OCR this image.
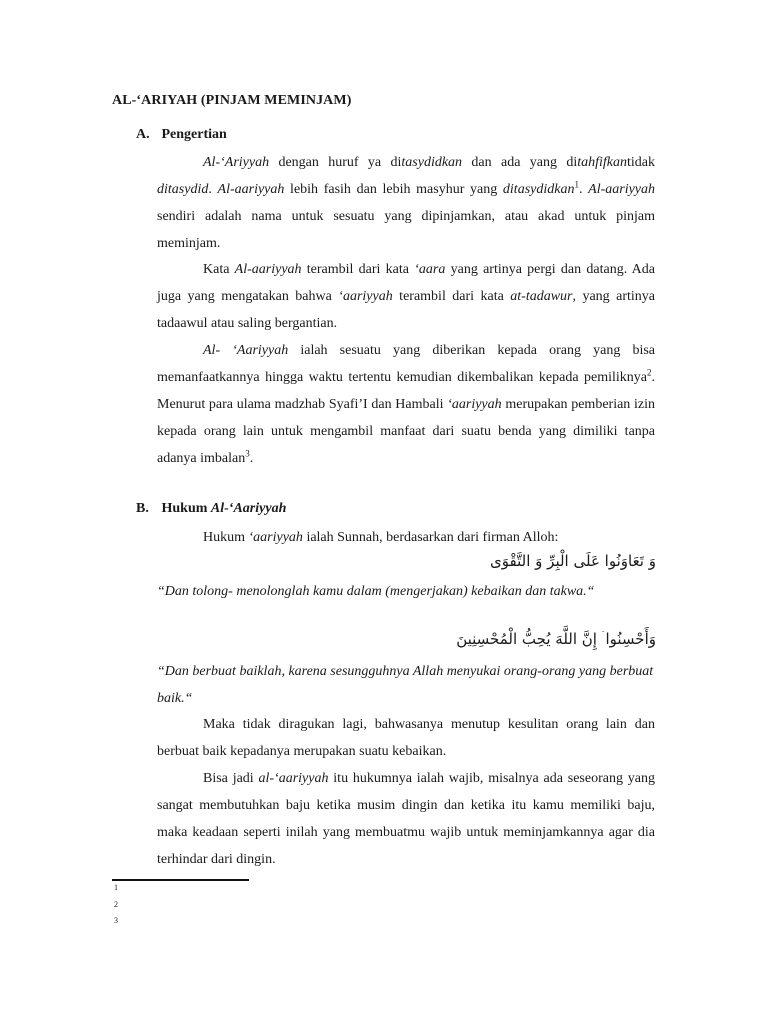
AL-‘ARIYAH (PINJAM MEMINJAM)
A. Pengertian

Al-‘Ariyyah dengan huruf ya ditasydidkan dan ada yang ditahfifkantidak ditasydid. Al-aariyyah lebih fasih dan lebih masyhur yang ditasydidkan$^1$. Al-aariyyah sendiri adalah nama untuk sesuatu yang dipinjamkan, atau akad untuk pinjam meminjam.

Kata Al-aariyyah terambil dari kata ‘aara yang artinya pergi dan datang. Ada juga yang mengatakan bahwa ‘aariyyah terambil dari kata at-tadawur, yang artinya tadaawul atau saling bergantian.

Al- ‘Aariyyah ialah sesuatu yang diberikan kepada orang yang bisa memanfaatkannya hingga waktu tertentu kemudian dikembalikan kepada pemiliknya$^2$. Menurut para ulama madzhab Syafi’I dan Hambali ‘aariyyah merupakan pemberian izin kepada orang lain untuk mengambil manfaat dari suatu benda yang dimiliki tanpa adanya imbalan$^3$.

B. Hukum Al-‘Aariyyah

Hukum ‘aariyyah ialah Sunnah, berdasarkan dari firman Alloh:

وَ تَعَاوَنُوا عَلَى الْبِرِّ وَ التَّقْوَى

“Dan tolong- menolonglah kamu dalam (mengerjakan) kebaikan dan takwa.“

وَأَحْسِنُوا ۛ إِنَّ اللَّهَ يُحِبُّ الْمُحْسِنِينَ

“Dan berbuat baiklah, karena sesungguhnya Allah menyukai orang-orang yang berbuat baik.“

Maka tidak diragukan lagi, bahwasanya menutup kesulitan orang lain dan berbuat baik kepadanya merupakan suatu kebaikan.

Bisa jadi al-‘aariyyah itu hukumnya ialah wajib, misalnya ada seseorang yang sangat membutuhkan baju ketika musim dingin dan ketika itu kamu memiliki baju, maka keadaan seperti inilah yang membuatmu wajib untuk meminjamkannya agar dia terhindar dari dingin.

1
2
3
